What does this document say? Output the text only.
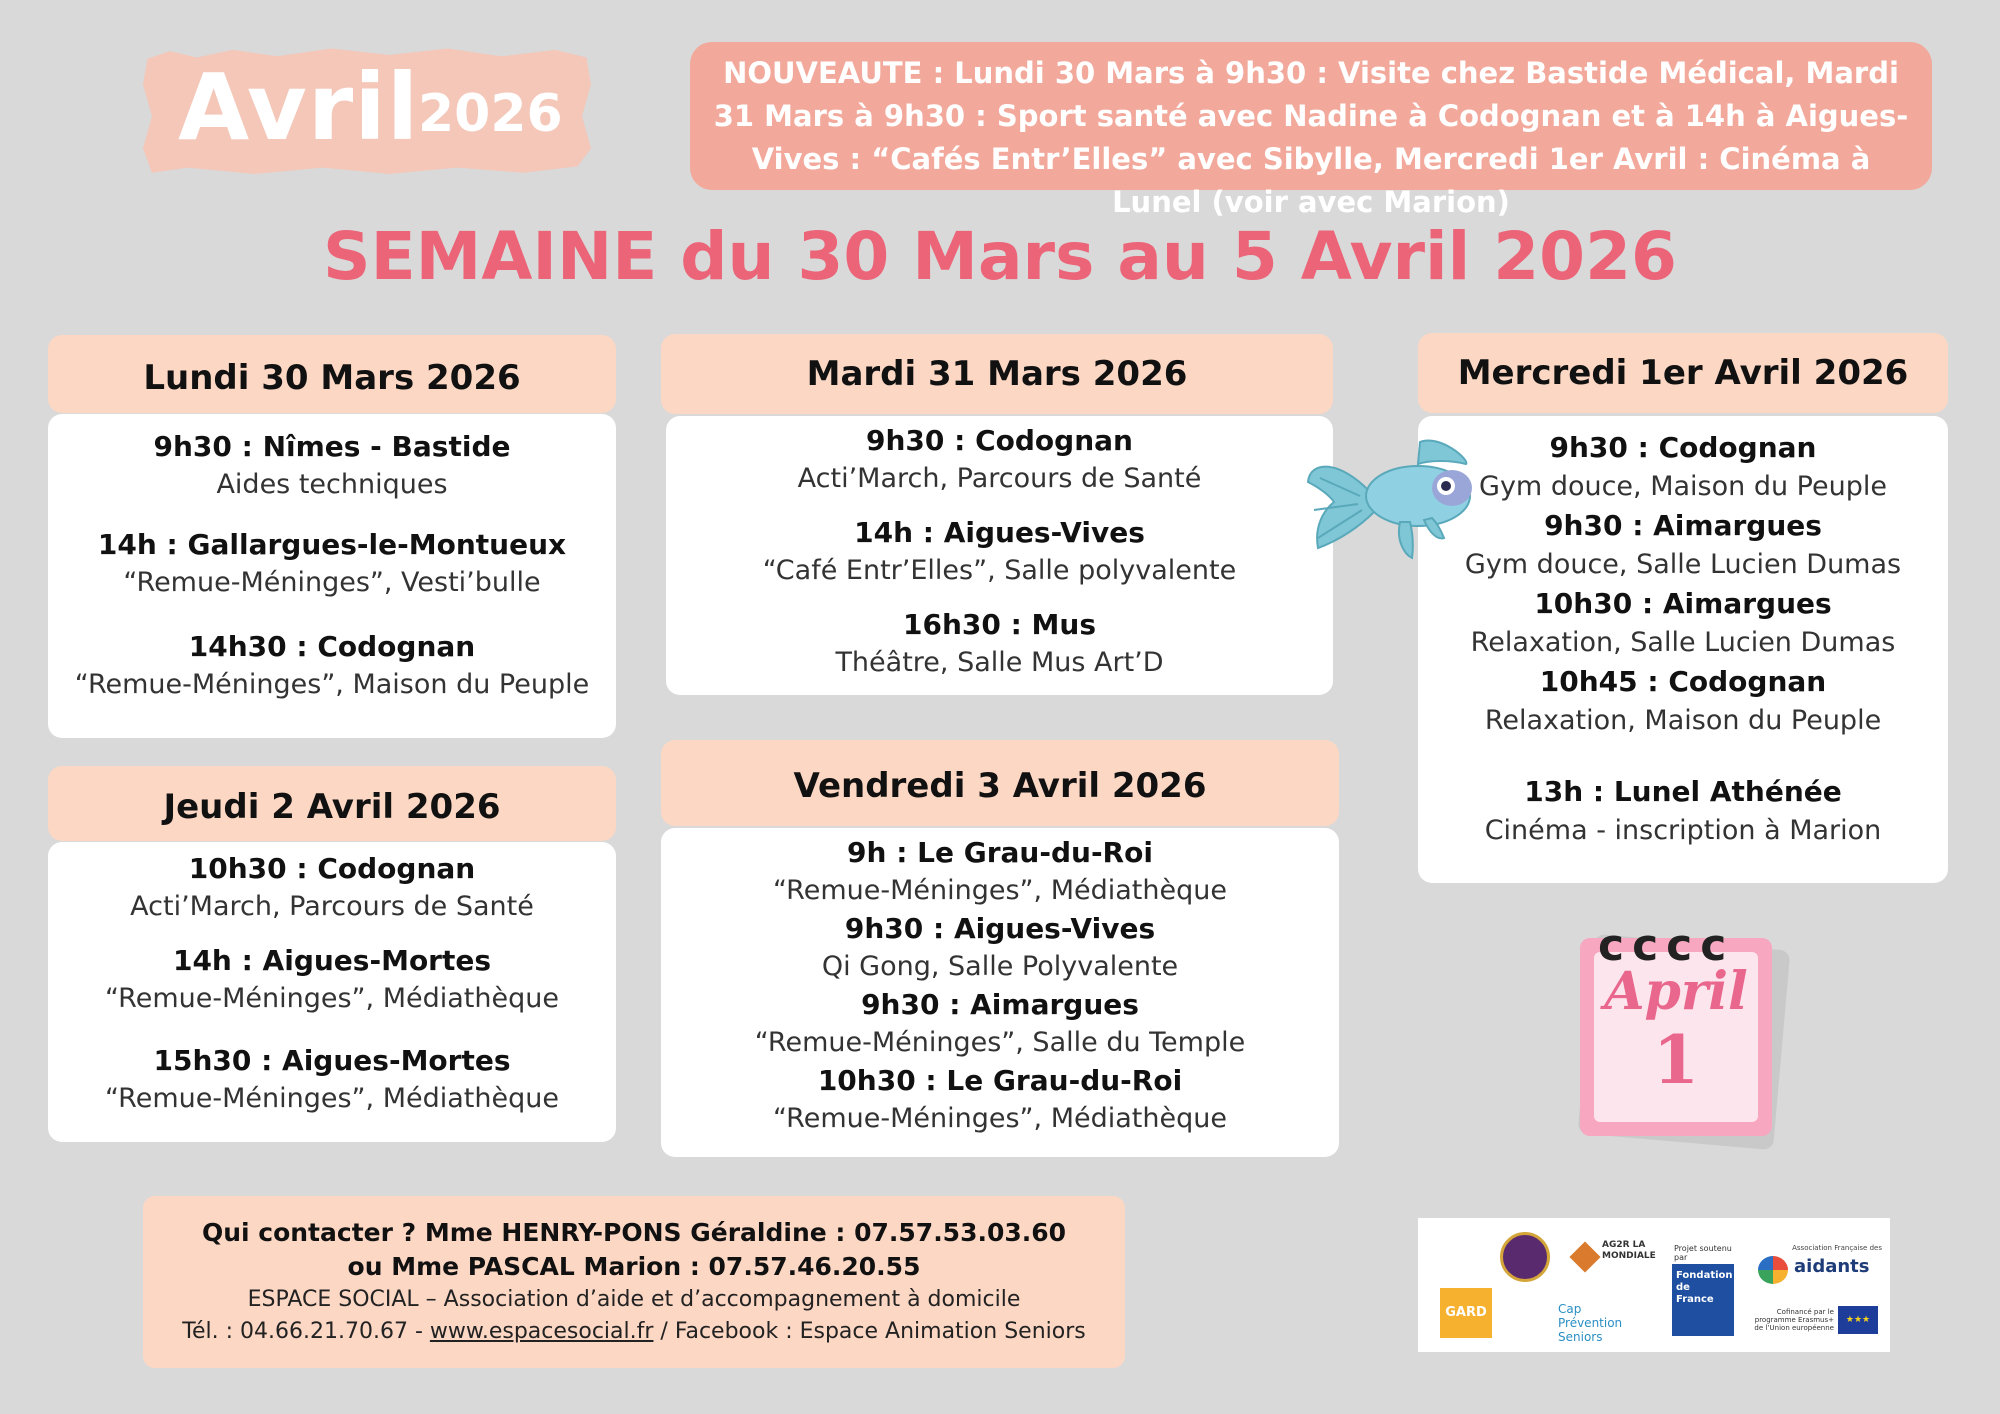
Avril
2026
NOUVEAUTE : Lundi 30 Mars à 9h30 : Visite chez Bastide Médical, Mardi 31 Mars à 9h30 : Sport santé avec Nadine à Codognan et à 14h à Aigues-Vives : “Cafés Entr’Elles” avec Sibylle, Mercredi 1er Avril : Cinéma à Lunel (voir avec Marion)
SEMAINE du 30 Mars au 5 Avril 2026
Lundi 30 Mars 2026
9h30 : Nîmes - Bastide
Aides techniques
14h : Gallargues-le-Montueux
“Remue-Méninges”, Vesti’bulle
14h30 : Codognan
“Remue-Méninges”, Maison du Peuple
Jeudi 2 Avril 2026
10h30 : Codognan
Acti’March, Parcours de Santé
14h : Aigues-Mortes
“Remue-Méninges”, Médiathèque
15h30 : Aigues-Mortes
“Remue-Méninges”, Médiathèque
Mardi 31 Mars 2026
9h30 : Codognan
Acti’March, Parcours de Santé
14h : Aigues-Vives
“Café Entr’Elles”, Salle polyvalente
16h30 : Mus
Théâtre, Salle Mus Art’D
Vendredi 3 Avril 2026
9h : Le Grau-du-Roi
“Remue-Méninges”, Médiathèque
9h30 : Aigues-Vives
Qi Gong, Salle Polyvalente
9h30 : Aimargues
“Remue-Méninges”, Salle du Temple
10h30 : Le Grau-du-Roi
“Remue-Méninges”, Médiathèque
Mercredi 1er Avril 2026
9h30 : Codognan
Gym douce, Maison du Peuple
9h30 : Aimargues
Gym douce, Salle Lucien Dumas
10h30 : Aimargues
Relaxation, Salle Lucien Dumas
10h45 : Codognan
Relaxation, Maison du Peuple
13h : Lunel Athénée
Cinéma - inscription à Marion
April
1
ᴄᴄᴄᴄ
Qui contacter ? Mme HENRY-PONS Géraldine : 07.57.53.03.60
ou Mme PASCAL Marion : 07.57.46.20.55
ESPACE SOCIAL – Association d’aide et d’accompagnement à domicile
Tél. : 04.66.21.70.67 - www.espacesocial.fr / Facebook : Espace Animation Seniors
GARD
AG2R LA MONDIALE
Cap Prévention Seniors
Projet soutenu par
Fondation de France
Association Française des
aidants
Cofinancé par le programme Erasmus+ de l’Union européenne
★★★
